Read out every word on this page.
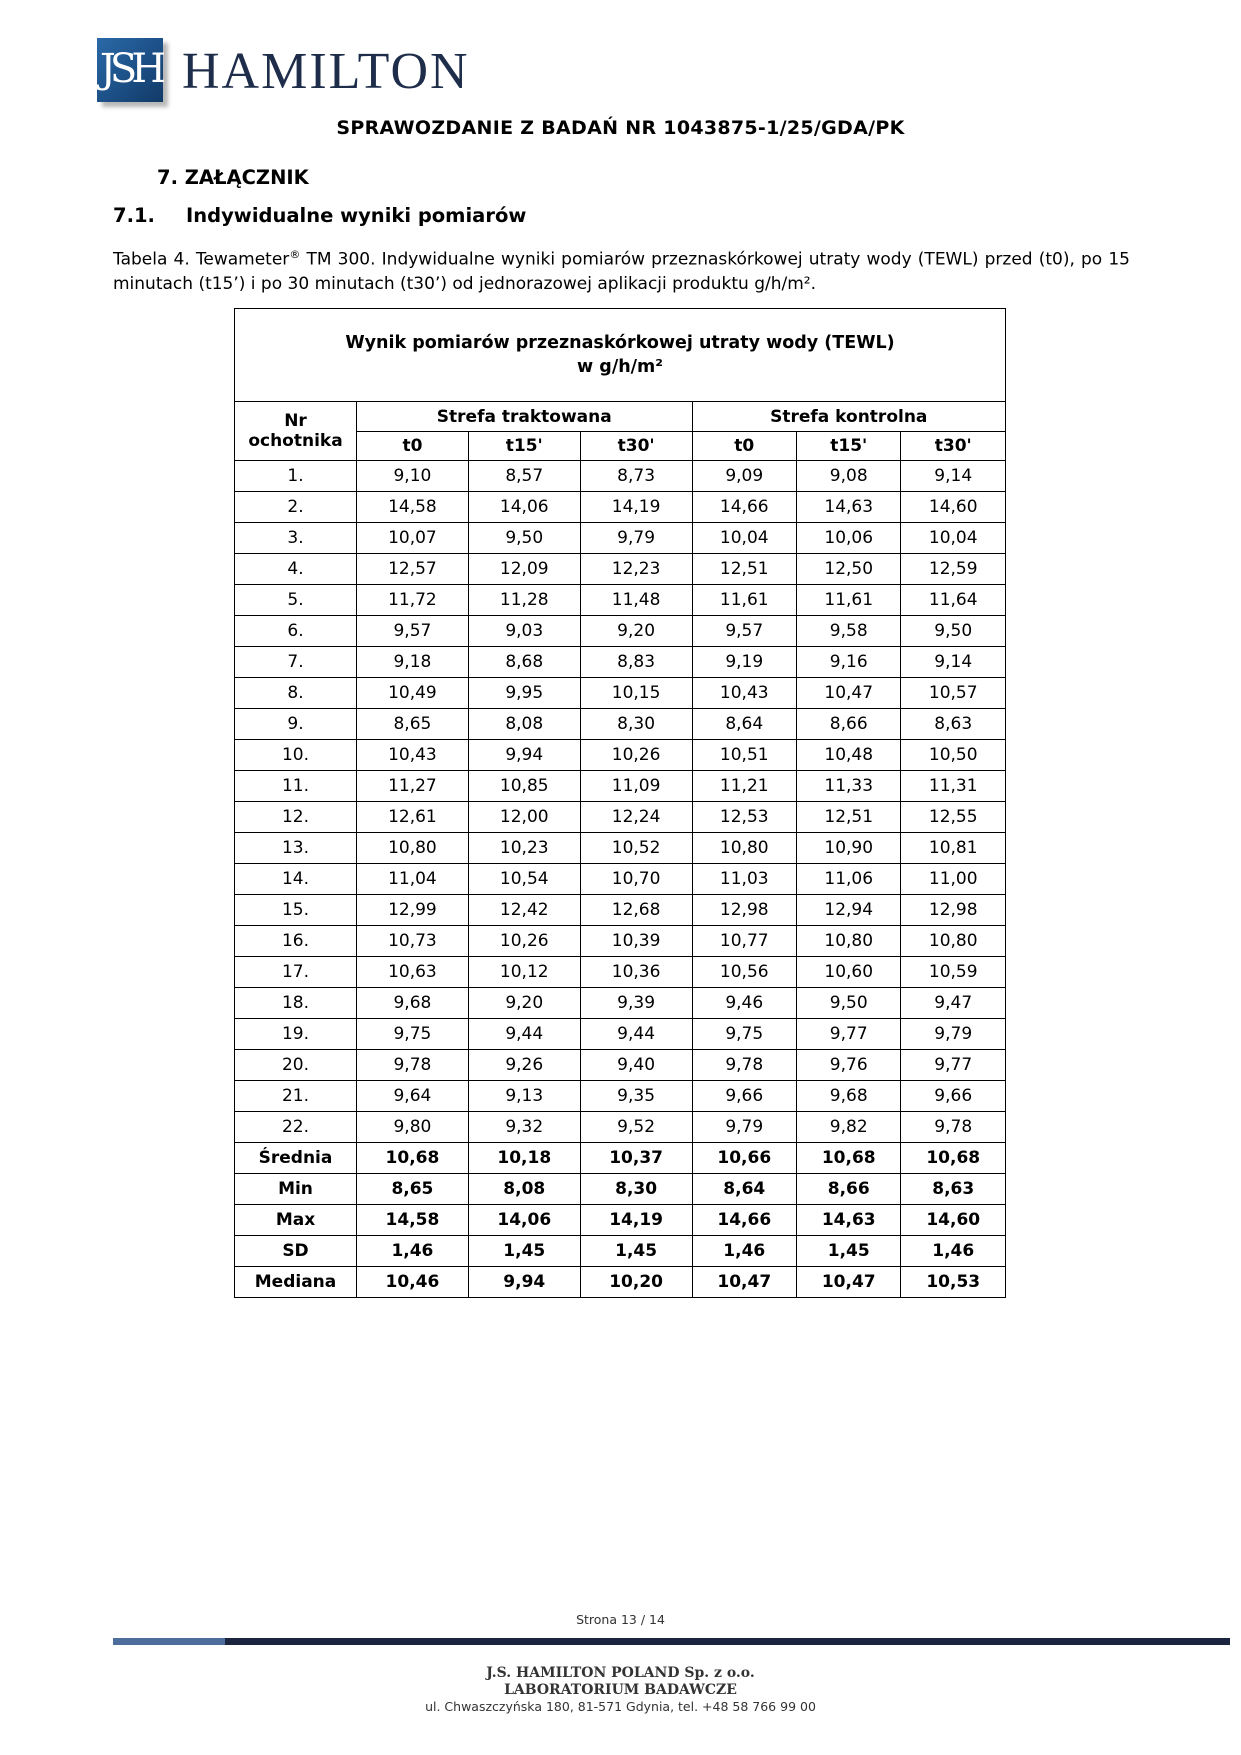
JSH HAMILTON
SPRAWOZDANIE Z BADAŃ NR 1043875-1/25/GDA/PK
7. ZAŁĄCZNIK
7.1. Indywidualne wyniki pomiarów
Tabela 4. Tewameter® TM 300. Indywidualne wyniki pomiarów przeznaskórkowej utraty wody (TEWL) przed (t0), po 15 minutach (t15’) i po 30 minutach (t30’) od jednorazowej aplikacji produktu g/h/m².
Wynik pomiarów przeznaskórkowej utraty wody (TEWL)
w g/h/m²						

Nr
ochotnika	Strefa traktowana			Strefa kontrolna		
	t0	t15'	t30'	t0	t15'	t30'
1.	9,10	8,57	8,73	9,09	9,08	9,14
2.	14,58	14,06	14,19	14,66	14,63	14,60
3.	10,07	9,50	9,79	10,04	10,06	10,04
4.	12,57	12,09	12,23	12,51	12,50	12,59
5.	11,72	11,28	11,48	11,61	11,61	11,64
6.	9,57	9,03	9,20	9,57	9,58	9,50
7.	9,18	8,68	8,83	9,19	9,16	9,14
8.	10,49	9,95	10,15	10,43	10,47	10,57
9.	8,65	8,08	8,30	8,64	8,66	8,63
10.	10,43	9,94	10,26	10,51	10,48	10,50
11.	11,27	10,85	11,09	11,21	11,33	11,31
12.	12,61	12,00	12,24	12,53	12,51	12,55
13.	10,80	10,23	10,52	10,80	10,90	10,81
14.	11,04	10,54	10,70	11,03	11,06	11,00
15.	12,99	12,42	12,68	12,98	12,94	12,98
16.	10,73	10,26	10,39	10,77	10,80	10,80
17.	10,63	10,12	10,36	10,56	10,60	10,59
18.	9,68	9,20	9,39	9,46	9,50	9,47
19.	9,75	9,44	9,44	9,75	9,77	9,79
20.	9,78	9,26	9,40	9,78	9,76	9,77
21.	9,64	9,13	9,35	9,66	9,68	9,66
22.	9,80	9,32	9,52	9,79	9,82	9,78
Średnia	10,68	10,18	10,37	10,66	10,68	10,68
Min	8,65	8,08	8,30	8,64	8,66	8,63
Max	14,58	14,06	14,19	14,66	14,63	14,60
SD	1,46	1,45	1,45	1,46	1,45	1,46
Mediana	10,46	9,94	10,20	10,47	10,47	10,53
Strona 13 / 14
J.S. HAMILTON POLAND Sp. z o.o.
LABORATORIUM BADAWCZE
ul. Chwaszczyńska 180, 81-571 Gdynia, tel. +48 58 766 99 00
